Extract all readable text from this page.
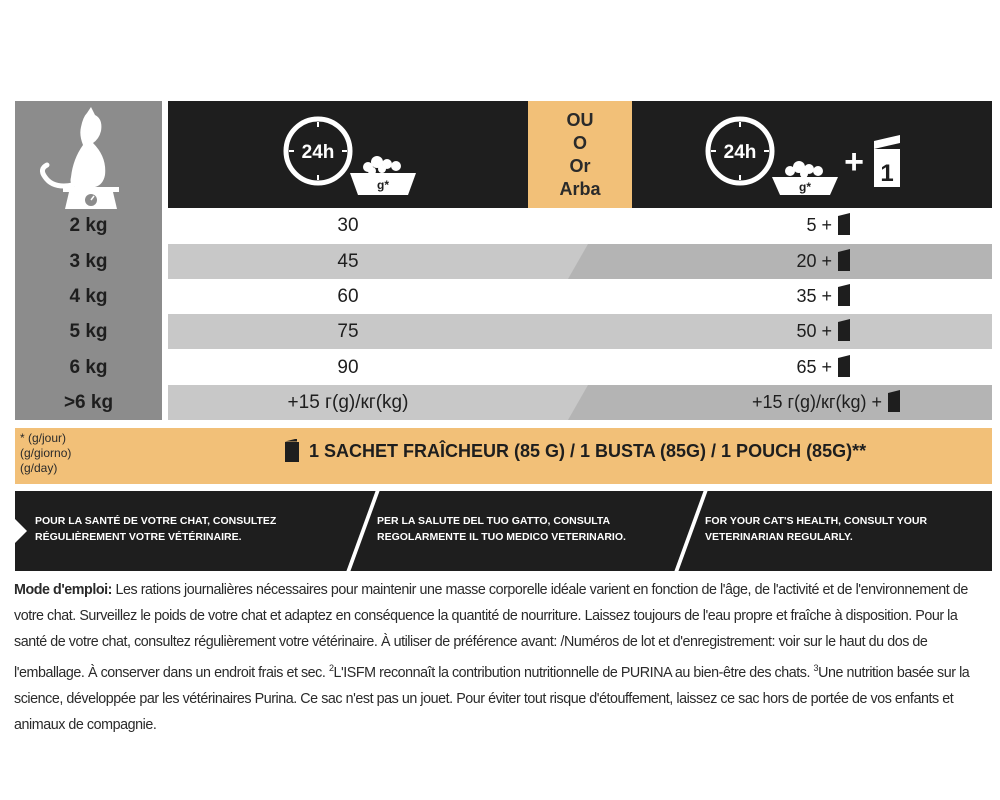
2 kg
3 kg
4 kg
5 kg
6 kg
>6 kg
24h
g*
OU
O
Or
Arba
24h
g*
+ 1
30
45
60
75
90
+15 г(g)/кг(kg)
5 +
20 +
35 +
50 +
65 +
+15 г(g)/кг(kg) +
* (g/jour)
(g/giorno)
(g/day)
1 SACHET FRAÎCHEUR (85 G) / 1 BUSTA (85G) / 1 POUCH (85G)**
POUR LA SANTÉ DE VOTRE CHAT, CONSULTEZ RÉGULIÈREMENT VOTRE VÉTÉRINAIRE.
PER LA SALUTE DEL TUO GATTO, CONSULTA REGOLARMENTE IL TUO MEDICO VETERINARIO.
FOR YOUR CAT'S HEALTH, CONSULT YOUR VETERINARIAN REGULARLY.
Mode d'emploi: Les rations journalières nécessaires pour maintenir une masse corporelle idéale varient en fonction de l'âge, de l'activité et de l'environnement de votre chat. Surveillez le poids de votre chat et adaptez en conséquence la quantité de nourriture. Laissez toujours de l'eau propre et fraîche à disposition. Pour la santé de votre chat, consultez régulièrement votre vétérinaire. À utiliser de préférence avant: /Numéros de lot et d'enregistrement: voir sur le haut du dos de l'emballage. À conserver dans un endroit frais et sec. $^2$L'ISFM reconnaît la contribution nutritionnelle de PURINA au bien-être des chats. $^3$Une nutrition basée sur la science, développée par les vétérinaires Purina. Ce sac n'est pas un jouet. Pour éviter tout risque d'étouffement, laissez ce sac hors de portée de vos enfants et animaux de compagnie.
